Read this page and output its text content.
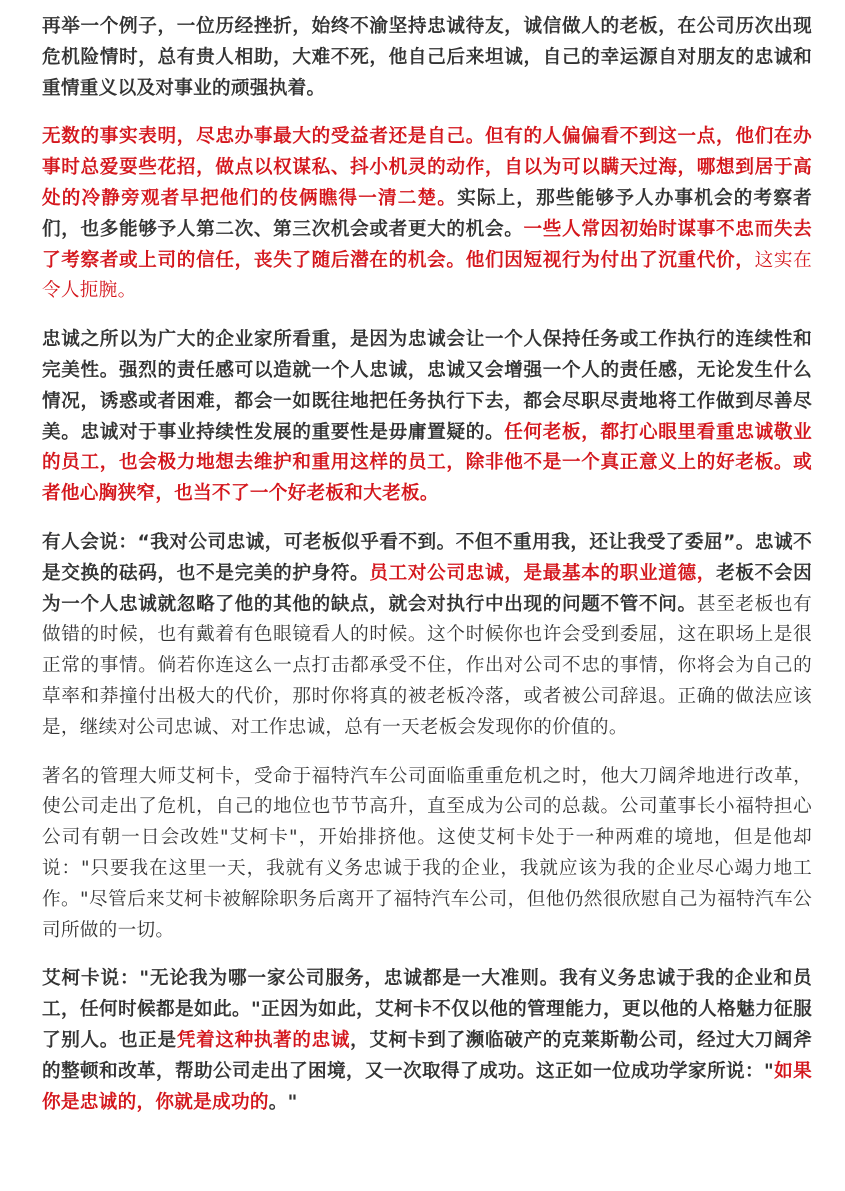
再举一个例子，一位历经挫折，始终不渝坚持忠诚待友，诚信做人的老板，在公司历次出现危机险情时，总有贵人相助，大难不死，他自己后来坦诚，自己的幸运源自对朋友的忠诚和重情重义以及对事业的顽强执着。

无数的事实表明，尽忠办事最大的受益者还是自己。但有的人偏偏看不到这一点，他们在办事时总爱耍些花招，做点以权谋私、抖小机灵的动作，自以为可以瞒天过海，哪想到居于高处的冷静旁观者早把他们的伎俩瞧得一清二楚。实际上，那些能够予人办事机会的考察者们，也多能够予人第二次、第三次机会或者更大的机会。一些人常因初始时谋事不忠而失去了考察者或上司的信任，丧失了随后潜在的机会。他们因短视行为付出了沉重代价，这实在令人扼腕。

忠诚之所以为广大的企业家所看重，是因为忠诚会让一个人保持任务或工作执行的连续性和完美性。强烈的责任感可以造就一个人忠诚，忠诚又会增强一个人的责任感，无论发生什么情况，诱惑或者困难，都会一如既往地把任务执行下去，都会尽职尽责地将工作做到尽善尽美。忠诚对于事业持续性发展的重要性是毋庸置疑的。任何老板，都打心眼里看重忠诚敬业的员工，也会极力地想去维护和重用这样的员工，除非他不是一个真正意义上的好老板。或者他心胸狭窄，也当不了一个好老板和大老板。

有人会说：“我对公司忠诚，可老板似乎看不到。不但不重用我，还让我受了委屈”。忠诚不是交换的砝码，也不是完美的护身符。员工对公司忠诚，是最基本的职业道德，老板不会因为一个人忠诚就忽略了他的其他的缺点，就会对执行中出现的问题不管不问。甚至老板也有做错的时候，也有戴着有色眼镜看人的时候。这个时候你也许会受到委屈，这在职场上是很正常的事情。倘若你连这么一点打击都承受不住，作出对公司不忠的事情，你将会为自己的草率和莽撞付出极大的代价，那时你将真的被老板冷落，或者被公司辞退。正确的做法应该是，继续对公司忠诚、对工作忠诚，总有一天老板会发现你的价值的。

著名的管理大师艾柯卡，受命于福特汽车公司面临重重危机之时，他大刀阔斧地进行改革，使公司走出了危机，自己的地位也节节高升，直至成为公司的总裁。公司董事长小福特担心公司有朝一日会改姓"艾柯卡"，开始排挤他。这使艾柯卡处于一种两难的境地，但是他却说："只要我在这里一天，我就有义务忠诚于我的企业，我就应该为我的企业尽心竭力地工作。"尽管后来艾柯卡被解除职务后离开了福特汽车公司，但他仍然很欣慰自己为福特汽车公司所做的一切。

艾柯卡说："无论我为哪一家公司服务，忠诚都是一大准则。我有义务忠诚于我的企业和员工，任何时候都是如此。"正因为如此，艾柯卡不仅以他的管理能力，更以他的人格魅力征服了别人。也正是凭着这种执著的忠诚，艾柯卡到了濒临破产的克莱斯勒公司，经过大刀阔斧的整顿和改革，帮助公司走出了困境，又一次取得了成功。这正如一位成功学家所说："如果你是忠诚的，你就是成功的。"
